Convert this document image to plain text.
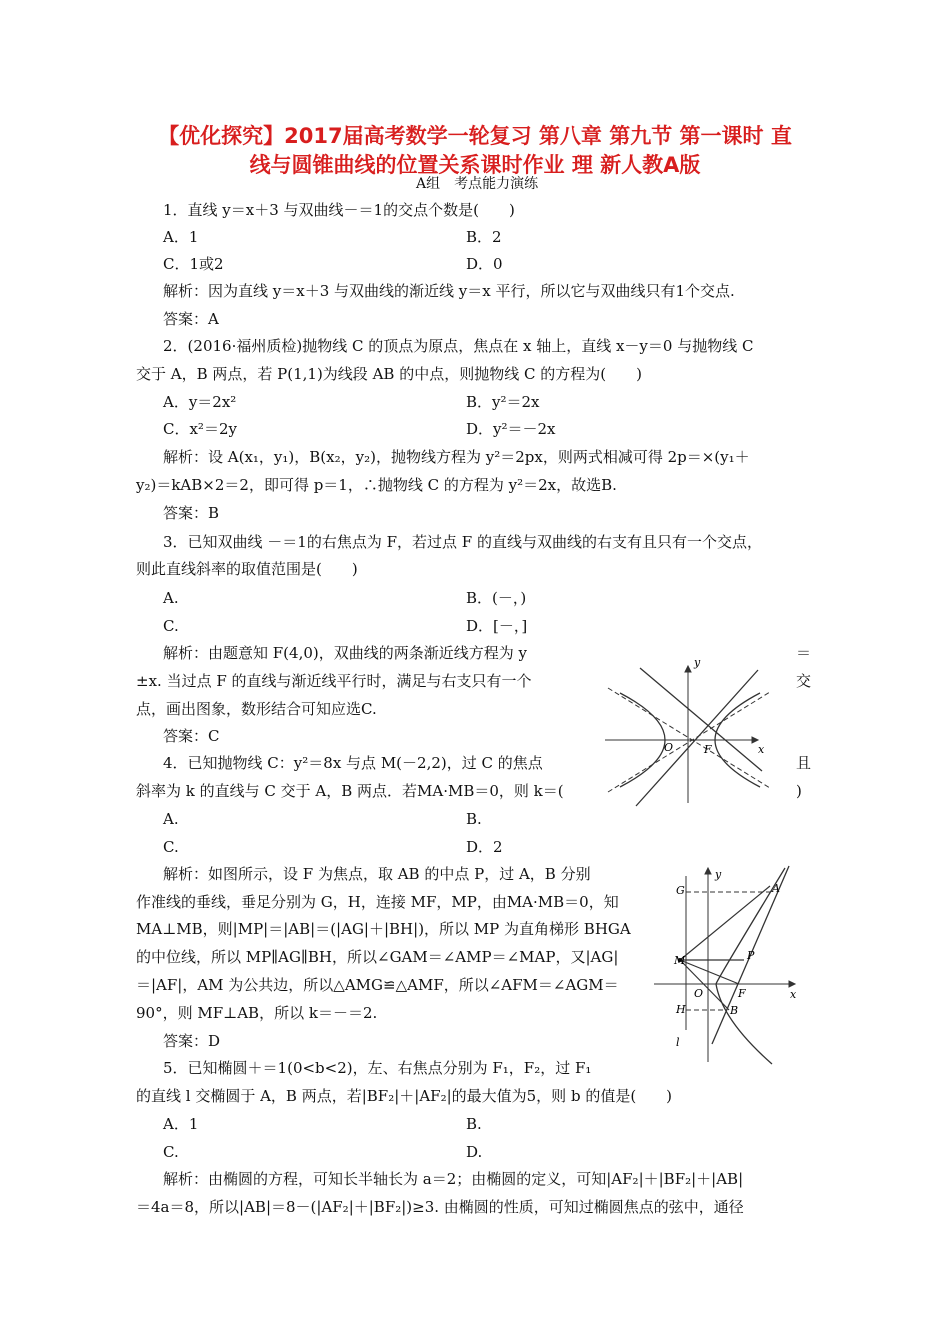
【优化探究】2017届高考数学一轮复习 第八章 第九节 第一课时 直
线与圆锥曲线的位置关系课时作业 理 新人教A版
A组　考点能力演练
1．直线 y＝x＋3 与双曲线－＝1的交点个数是(　　)
A．1	B．2
C．1或2	D．0
解析：因为直线 y＝x＋3 与双曲线的渐近线 y＝x 平行，所以它与双曲线只有1个交点.
答案：A
2．(2016·福州质检)抛物线 C 的顶点为原点，焦点在 x 轴上，直线 x－y＝0 与抛物线 C
交于 A，B 两点，若 P(1,1)为线段 AB 的中点，则抛物线 C 的方程为(　　)
A．y＝2x²	B．y²＝2x
C．x²＝2y	D．y²＝－2x
解析：设 A(x₁，y₁)，B(x₂，y₂)，抛物线方程为 y²＝2px，则两式相减可得 2p＝×(y₁＋
y₂)＝kAB×2＝2，即可得 p＝1，∴抛物线 C 的方程为 y²＝2x，故选B.
答案：B
3．已知双曲线 －＝1的右焦点为 F，若过点 F 的直线与双曲线的右支有且只有一个交点，
则此直线斜率的取值范围是(　　)
A.	B．(－，)
C.	D．[－，]
解析：由题意知 F(4,0)，双曲线的两条渐近线方程为 y	＝
±x. 当过点 F 的直线与渐近线平行时，满足与右支只有一个	交
点，画出图象，数形结合可知应选C.
答案：C
4．已知抛物线 C：y²＝8x 与点 M(－2,2)，过 C 的焦点	且
斜率为 k 的直线与 C 交于 A，B 两点．若MA·MB＝0，则 k＝(	)
A.	B.
C.	D．2
解析：如图所示，设 F 为焦点，取 AB 的中点 P，过 A，B 分别
作准线的垂线，垂足分别为 G，H，连接 MF，MP，由MA·MB＝0，知
MA⊥MB，则|MP|＝|AB|＝(|AG|＋|BH|)，所以 MP 为直角梯形 BHGA
的中位线，所以 MP∥AG∥BH，所以∠GAM＝∠AMP＝∠MAP，又|AG|
＝|AF|，AM 为公共边，所以△AMG≌△AMF，所以∠AFM＝∠AGM＝
90°，则 MF⊥AB，所以 k＝－＝2.
答案：D
5．已知椭圆＋＝1(0<b<2)，左、右焦点分别为 F₁，F₂，过 F₁
的直线 l 交椭圆于 A，B 两点，若|BF₂|＋|AF₂|的最大值为5，则 b 的值是(　　)
A．1	B.
C.	D.
解析：由椭圆的方程，可知长半轴长为 a＝2；由椭圆的定义，可知|AF₂|＋|BF₂|＋|AB|
＝4a＝8，所以|AB|＝8－(|AF₂|＋|BF₂|)≥3. 由椭圆的性质，可知过椭圆焦点的弦中，通径
y
x
O	F
G
H
M
A
B
P
F
O
y
x
l
